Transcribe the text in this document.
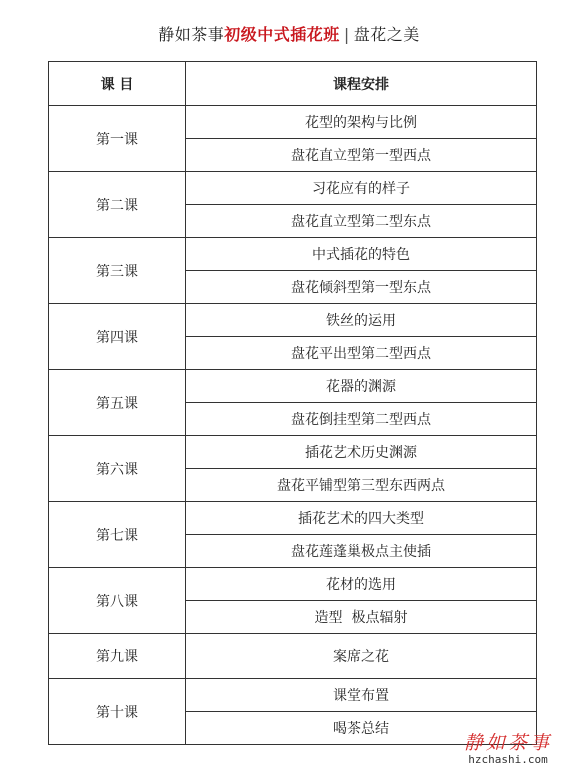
静如茶事初级中式插花班 | 盘花之美
课 目	课程安排
第一课	花型的架构与比例
	盘花直立型第一型西点
第二课	习花应有的样子
	盘花直立型第二型东点
第三课	中式插花的特色
	盘花倾斜型第一型东点
第四课	铁丝的运用
	盘花平出型第二型西点
第五课	花器的渊源
	盘花倒挂型第二型西点
第六课	插花艺术历史渊源
	盘花平铺型第三型东西两点
第七课	插花艺术的四大类型
	盘花莲蓬巢极点主使插
第八课	花材的选用
	造型  极点辐射
第九课	案席之花
第十课	课堂布置
	喝茶总结
静如茶事
hzchashi.com
